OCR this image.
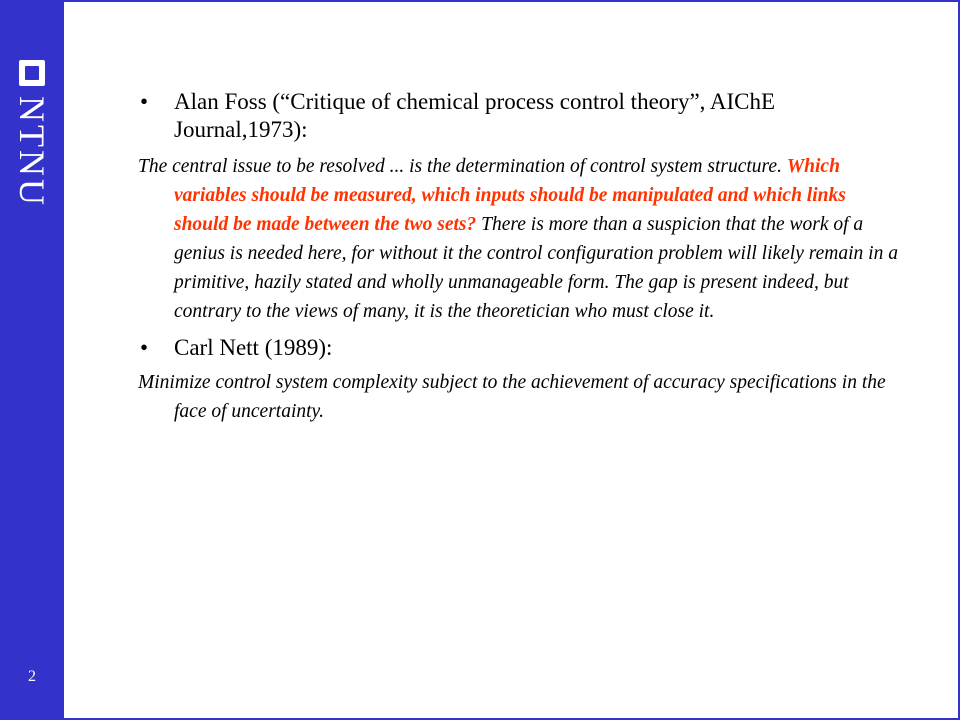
NTNU
2
• Alan Foss (“Critique of chemical process control theory”, AIChE Journal,1973):
The central issue to be resolved ... is the determination of control system structure. Which variables should be measured, which inputs should be manipulated and which links should be made between the two sets? There is more than a suspicion that the work of a genius is needed here, for without it the control configuration problem will likely remain in a primitive, hazily stated and wholly unmanageable form. The gap is present indeed, but contrary to the views of many, it is the theoretician who must close it.
• Carl Nett (1989):
Minimize control system complexity subject to the achievement of accuracy specifications in the face of uncertainty.
